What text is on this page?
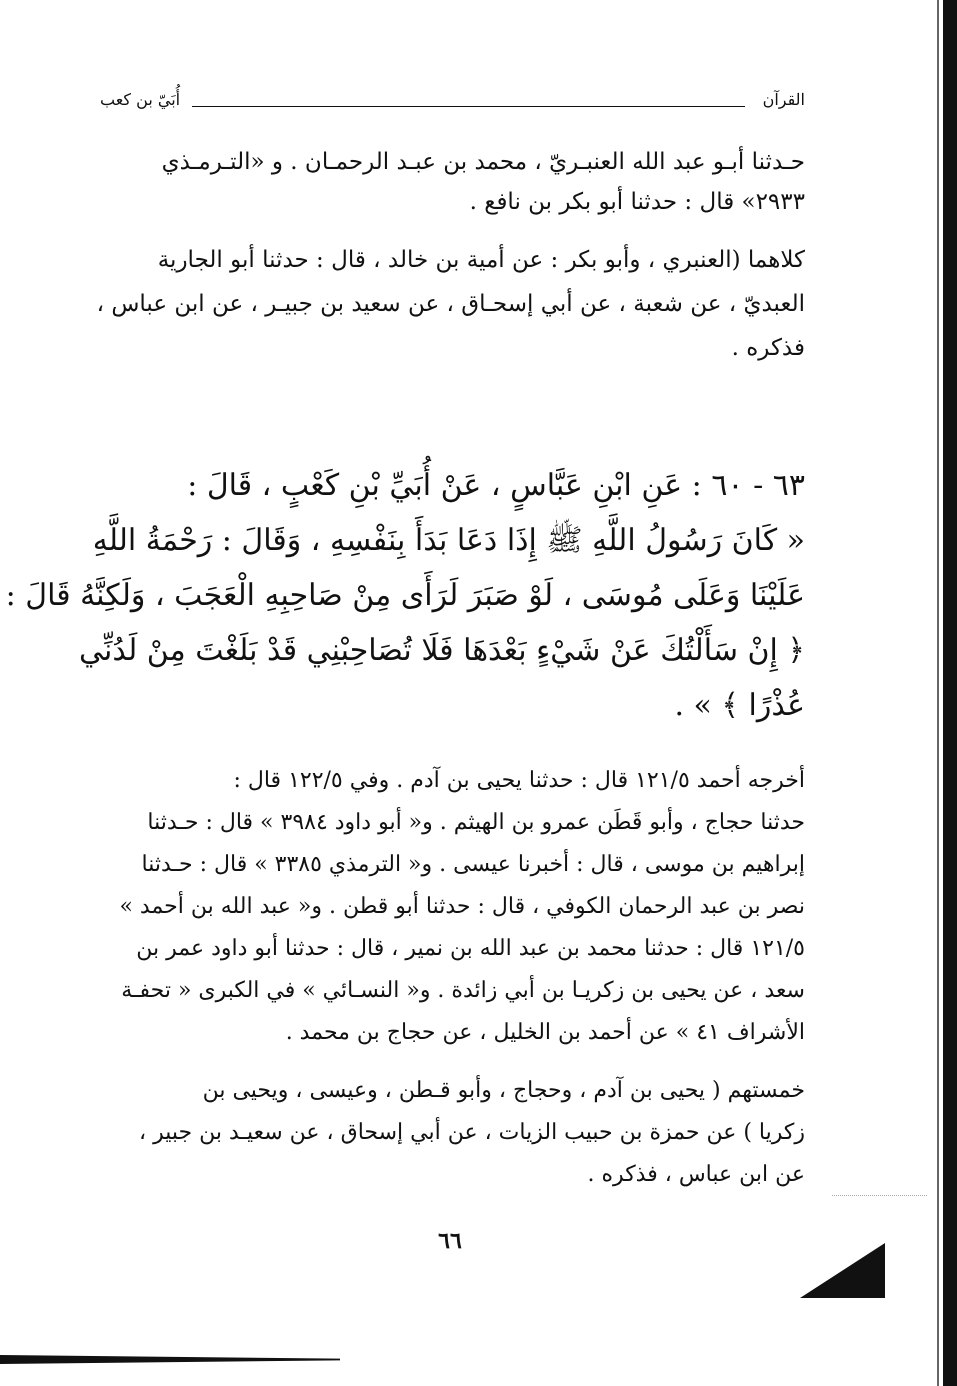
القرآن
أُبَيّ بن كعب
حـدثنا أبـو عبد الله العنبـريّ ، محمد بن عبـد الرحمـان . و «التـرمـذي
٢٩٣٣» قال : حدثنا أبو بكر بن نافع .
كلاهما (العنبري ، وأبو بكر : عن أمية بن خالد ، قال : حدثنا أبو الجارية
العبديّ ، عن شعبة ، عن أبي إسحـاق ، عن سعيد بن جبيـر ، عن ابن عباس ،
فذكره .
٦٣ - ٦٠ : عَنِ ابْنِ عَبَّاسٍ ، عَنْ أُبَيِّ بْنِ كَعْبٍ ، قَالَ :
« كَانَ رَسُولُ اللَّهِ ﷺ إِذَا دَعَا بَدَأَ بِنَفْسِهِ ، وَقَالَ : رَحْمَةُ اللَّهِ
عَلَيْنَا وَعَلَى مُوسَى ، لَوْ صَبَرَ لَرَأَى مِنْ صَاحِبِهِ الْعَجَبَ ، وَلَكِنَّهُ قَالَ :
﴿ إِنْ سَأَلْتُكَ عَنْ شَيْءٍ بَعْدَهَا فَلَا تُصَاحِبْنِي قَدْ بَلَغْتَ مِنْ لَدُنِّي
عُذْرًا ﴾ » .
أخرجه أحمد ١٢١/٥ قال : حدثنا يحيى بن آدم . وفي ١٢٢/٥ قال :
حدثنا حجاج ، وأبو قَطَن عمرو بن الهيثم . و« أبو داود ٣٩٨٤ » قال : حـدثنا
إبراهيم بن موسى ، قال : أخبرنا عيسى . و« الترمذي ٣٣٨٥ » قال : حـدثنا
نصر بن عبد الرحمان الكوفي ، قال : حدثنا أبو قطن . و« عبد الله بن أحمد »
١٢١/٥ قال : حدثنا محمد بن عبد الله بن نمير ، قال : حدثنا أبو داود عمر بن
سعد ، عن يحيى بن زكريـا بن أبي زائدة . و« النسـائي » في الكبرى « تحفـة
الأشراف ٤١ » عن أحمد بن الخليل ، عن حجاج بن محمد .
خمستهم ( يحيى بن آدم ، وحجاج ، وأبو قـطن ، وعيسى ، ويحيى بن
زكريا ) عن حمزة بن حبيب الزيات ، عن أبي إسحاق ، عن سعيـد بن جبير ،
عن ابن عباس ، فذكره .
٦٦
